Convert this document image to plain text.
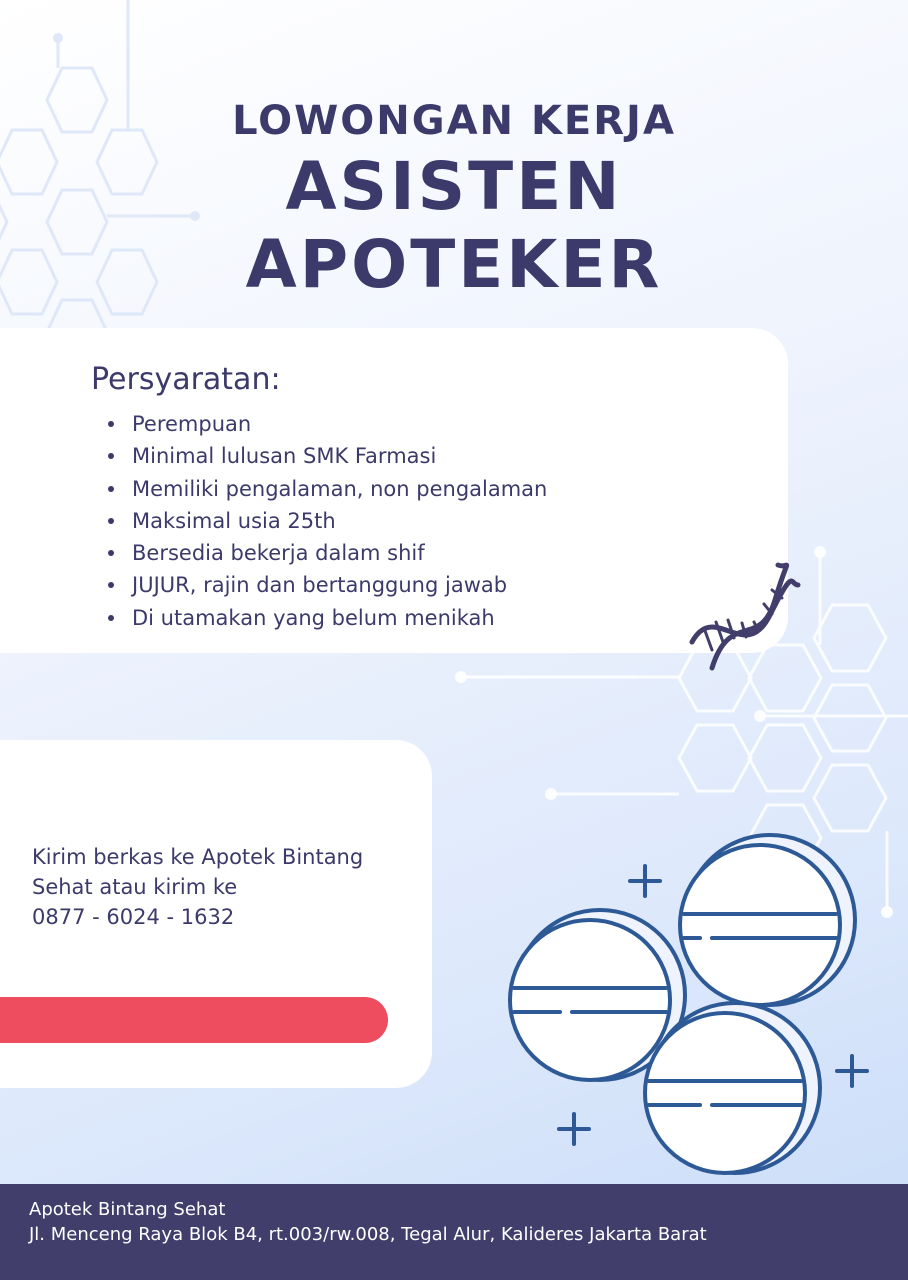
LOWONGAN KERJA
ASISTEN
APOTEKER
Persyaratan:
Perempuan
Minimal lulusan SMK Farmasi
Memiliki pengalaman, non pengalaman
Maksimal usia 25th
Bersedia bekerja dalam shif
JUJUR, rajin dan bertanggung jawab
Di utamakan yang belum menikah
Kirim berkas ke Apotek Bintang
Sehat atau kirim ke
0877 - 6024 - 1632
Apotek Bintang Sehat
Jl. Menceng Raya Blok B4, rt.003/rw.008, Tegal Alur, Kalideres Jakarta Barat
